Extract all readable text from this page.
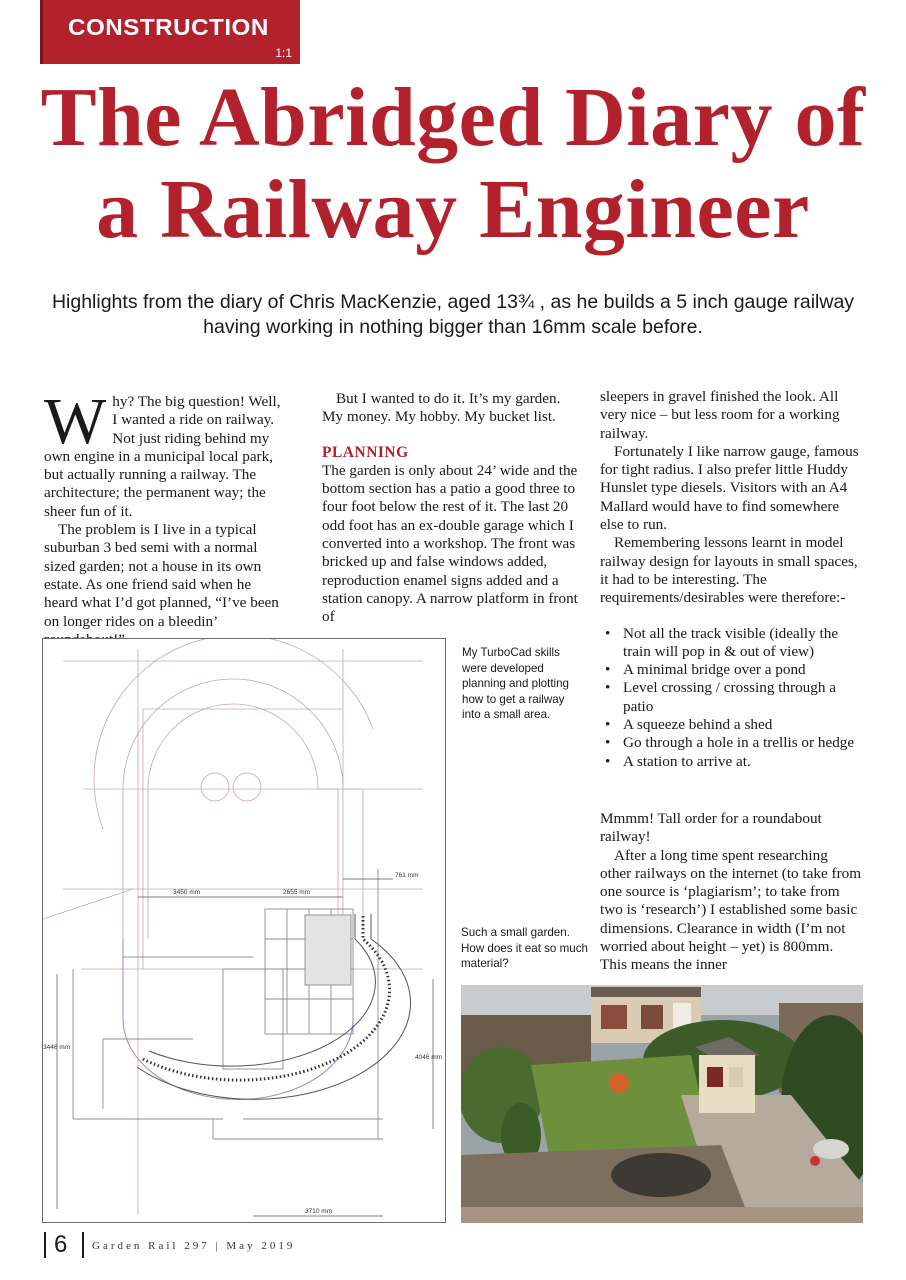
CONSTRUCTION
1:1
The Abridged Diary of
a Railway Engineer
Highlights from the diary of Chris MacKenzie, aged 13¾ , as he builds a 5 inch gauge railway having working in nothing bigger than 16mm scale before.

Why? The big question! Well, I wanted a ride on railway. Not just riding behind my own engine in a municipal local park, but actually running a railway. The architecture; the permanent way; the sheer fun of it.

The problem is I live in a typical suburban 3 bed semi with a normal sized garden; not a house in its own estate. As one friend said when he heard what I’d got planned, “I’ve been on longer rides on a bleedin’

But I wanted to do it. It’s my garden. My money. My hobby. My bucket list.

PLANNING

The garden is only about 24’ wide and the bottom section has a patio a good three to four foot below the rest of it. The last 20 odd foot has an ex-double garage which I converted into a workshop. The front was bricked up and false windows added, reproduction enamel signs added and a station canopy. A narrow platform in front of

sleepers in gravel finished the look. All very nice – but less room for a working railway.

Fortunately I like narrow gauge, famous for tight radius. I also prefer little Huddy Hunslet type diesels. Visitors with an A4 Mallard would have to find somewhere else to run.

Remembering lessons learnt in model railway design for layouts in small spaces, it had to be interesting. The requirements/desirables were therefore:-

• Not all the track visible (ideally the train will pop in & out of view)
• A minimal bridge over a pond
• Level crossing / crossing through a patio
• A squeeze behind a shed
• Go through a hole in a trellis or hedge
• A station to arrive at.

Mmmm! Tall order for a roundabout railway!

After a long time spent researching other railways on the internet (to take from one source is ‘plagiarism’; to take from two is ‘research’) I established some basic dimensions. Clearance in width (I’m not worried about height – yet) is 800mm. This means the inner

My TurboCad skills were developed planning and plotting how to get a railway into a small area.
Such a small garden. How does it eat so much material?
3450 mm	2655 mm
761 mm
3446 mm
4046 mm
3710 mm
6 Garden Rail 297 | May 2019
